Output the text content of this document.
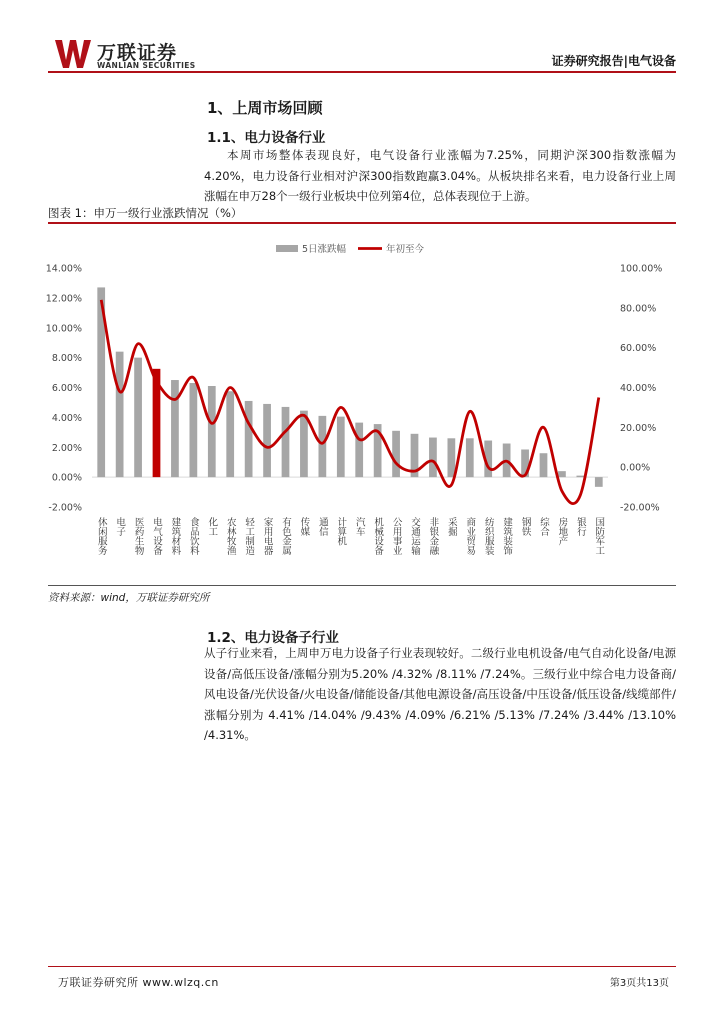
万联证券
WANLIAN SECURITIES	证券研究报告|电气设备
1、上周市场回顾
1.1、电力设备行业

本周市场整体表现良好，电气设备行业涨幅为7.25%，同期沪深300指数涨幅为4.20%，电力设备行业相对沪深300指数跑赢3.04%。从板块排名来看，电力设备行业上周涨幅在申万28个一级行业板块中位列第4位，总体表现位于上游。

图表 1：申万一级行业涨跌情况（%）
-2.00%
0.00%
2.00%
4.00%
6.00%
8.00%
10.00%
12.00%
14.00%
-20.00%
0.00%
20.00%
40.00%
60.00%
80.00%
100.00%
休闲服务 电子 医药生物 电气设备 建筑材料 食品饮料 化工 农林牧渔 轻工制造 家用电器 有色金属 传媒 通信 计算机 汽车 机械设备 公用事业 交通运输 非银金融 采掘 商业贸易 纺织服装 建筑装饰 钢铁 综合 房地产 银行 国防军工
5日涨跌幅	年初至今
资料来源：wind，万联证券研究所
1.2、电力设备子行业

从子行业来看，上周申万电力设备子行业表现较好。二级行业电机设备/电气自动化设备/电源设备/高低压设备/涨幅分别为5.20% /4.32% /8.11% /7.24%。三级行业中综合电力设备商/风电设备/光伏设备/火电设备/储能设备/其他电源设备/高压设备/中压设备/低压设备/线缆部件/涨幅分别为 4.41% /14.04% /9.43% /4.09% /6.21% /5.13% /7.24% /3.44% /13.10% /4.31%。

万联证券研究所 www.wlzq.cn	第3页共13页
